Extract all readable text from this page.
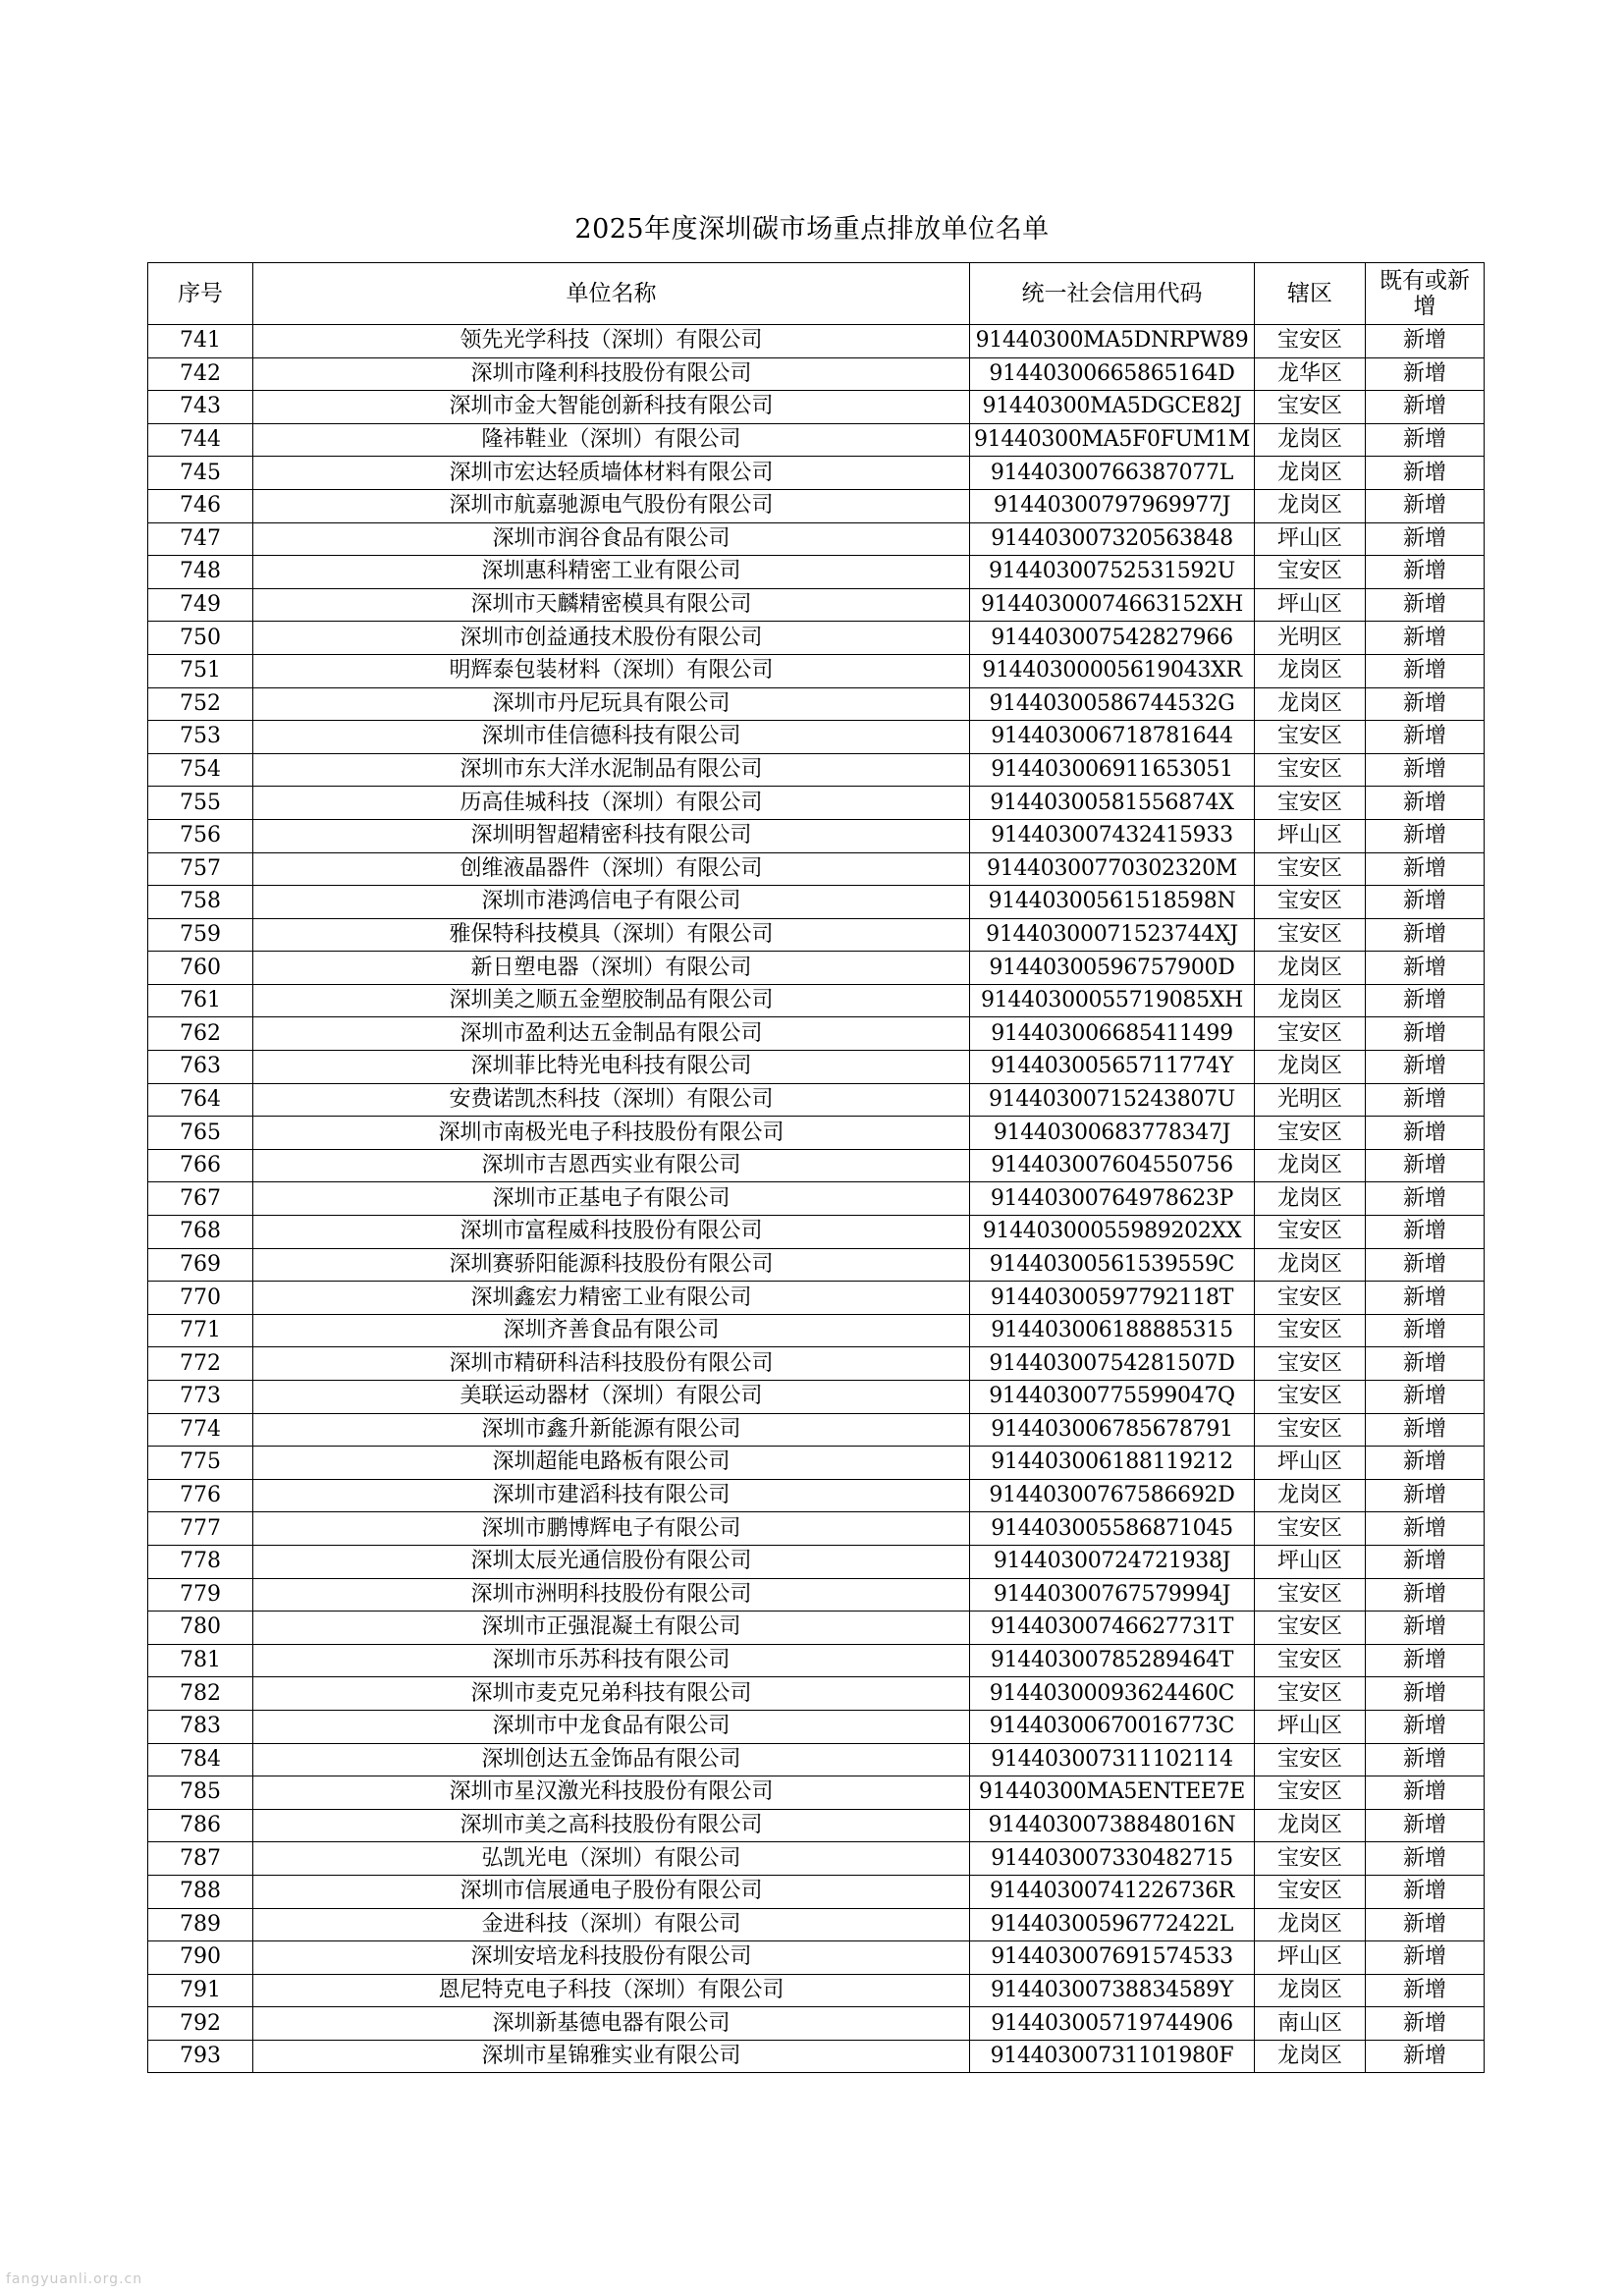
2025年度深圳碳市场重点排放单位名单
序号	单位名称	统一社会信用代码	辖区	既有或新增
741	领先光学科技（深圳）有限公司	91440300MA5DNRPW89	宝安区	新增
742	深圳市隆利科技股份有限公司	91440300665865164D	龙华区	新增
743	深圳市金大智能创新科技有限公司	91440300MA5DGCE82J	宝安区	新增
744	隆祎鞋业（深圳）有限公司	91440300MA5F0FUM1M	龙岗区	新增
745	深圳市宏达轻质墙体材料有限公司	91440300766387077L	龙岗区	新增
746	深圳市航嘉驰源电气股份有限公司	91440300797969977J	龙岗区	新增
747	深圳市润谷食品有限公司	914403007320563848	坪山区	新增
748	深圳惠科精密工业有限公司	91440300752531592U	宝安区	新增
749	深圳市天麟精密模具有限公司	91440300074663152XH	坪山区	新增
750	深圳市创益通技术股份有限公司	914403007542827966	光明区	新增
751	明辉泰包装材料（深圳）有限公司	91440300005619043XR	龙岗区	新增
752	深圳市丹尼玩具有限公司	91440300586744532G	龙岗区	新增
753	深圳市佳信德科技有限公司	914403006718781644	宝安区	新增
754	深圳市东大洋水泥制品有限公司	914403006911653051	宝安区	新增
755	历高佳城科技（深圳）有限公司	91440300581556874X	宝安区	新增
756	深圳明智超精密科技有限公司	914403007432415933	坪山区	新增
757	创维液晶器件（深圳）有限公司	91440300770302320M	宝安区	新增
758	深圳市港鸿信电子有限公司	91440300561518598N	宝安区	新增
759	雅保特科技模具（深圳）有限公司	91440300071523744XJ	宝安区	新增
760	新日塑电器（深圳）有限公司	91440300596757900D	龙岗区	新增
761	深圳美之顺五金塑胶制品有限公司	91440300055719085XH	龙岗区	新增
762	深圳市盈利达五金制品有限公司	914403006685411499	宝安区	新增
763	深圳菲比特光电科技有限公司	91440300565711774Y	龙岗区	新增
764	安费诺凯杰科技（深圳）有限公司	91440300715243807U	光明区	新增
765	深圳市南极光电子科技股份有限公司	91440300683778347J	宝安区	新增
766	深圳市吉恩西实业有限公司	914403007604550756	龙岗区	新增
767	深圳市正基电子有限公司	91440300764978623P	龙岗区	新增
768	深圳市富程威科技股份有限公司	91440300055989202XX	宝安区	新增
769	深圳赛骄阳能源科技股份有限公司	91440300561539559C	龙岗区	新增
770	深圳鑫宏力精密工业有限公司	91440300597792118T	宝安区	新增
771	深圳齐善食品有限公司	914403006188885315	宝安区	新增
772	深圳市精研科洁科技股份有限公司	91440300754281507D	宝安区	新增
773	美联运动器材（深圳）有限公司	91440300775599047Q	宝安区	新增
774	深圳市鑫升新能源有限公司	914403006785678791	宝安区	新增
775	深圳超能电路板有限公司	914403006188119212	坪山区	新增
776	深圳市建滔科技有限公司	91440300767586692D	龙岗区	新增
777	深圳市鹏博辉电子有限公司	914403005586871045	宝安区	新增
778	深圳太辰光通信股份有限公司	91440300724721938J	坪山区	新增
779	深圳市洲明科技股份有限公司	91440300767579994J	宝安区	新增
780	深圳市正强混凝土有限公司	91440300746627731T	宝安区	新增
781	深圳市乐苏科技有限公司	91440300785289464T	宝安区	新增
782	深圳市麦克兄弟科技有限公司	91440300093624460C	宝安区	新增
783	深圳市中龙食品有限公司	91440300670016773C	坪山区	新增
784	深圳创达五金饰品有限公司	914403007311102114	宝安区	新增
785	深圳市星汉激光科技股份有限公司	91440300MA5ENTEE7E	宝安区	新增
786	深圳市美之高科技股份有限公司	91440300738848016N	龙岗区	新增
787	弘凯光电（深圳）有限公司	914403007330482715	宝安区	新增
788	深圳市信展通电子股份有限公司	91440300741226736R	宝安区	新增
789	金进科技（深圳）有限公司	91440300596772422L	龙岗区	新增
790	深圳安培龙科技股份有限公司	914403007691574533	坪山区	新增
791	恩尼特克电子科技（深圳）有限公司	91440300738834589Y	龙岗区	新增
792	深圳新基德电器有限公司	914403005719744906	南山区	新增
793	深圳市星锦雅实业有限公司	91440300731101980F	龙岗区	新增
fangyuanli.org.cn
